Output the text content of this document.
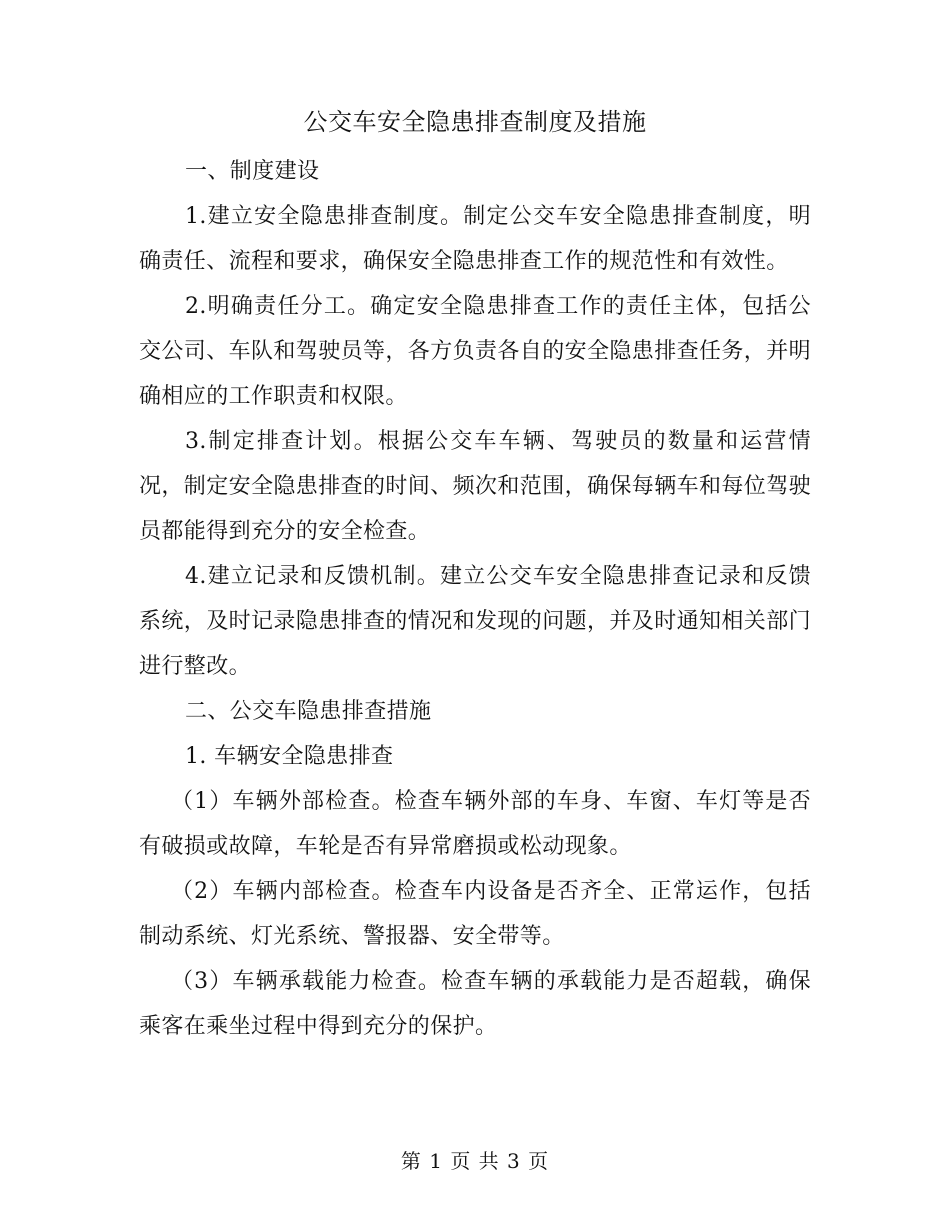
公交车安全隐患排查制度及措施

一、制度建设

1.建立安全隐患排查制度。制定公交车安全隐患排查制度，明确责任、流程和要求，确保安全隐患排查工作的规范性和有效性。

2.明确责任分工。确定安全隐患排查工作的责任主体，包括公交公司、车队和驾驶员等，各方负责各自的安全隐患排查任务，并明确相应的工作职责和权限。

3.制定排查计划。根据公交车车辆、驾驶员的数量和运营情况，制定安全隐患排查的时间、频次和范围，确保每辆车和每位驾驶员都能得到充分的安全检查。

4.建立记录和反馈机制。建立公交车安全隐患排查记录和反馈系统，及时记录隐患排查的情况和发现的问题，并及时通知相关部门进行整改。

二、公交车隐患排查措施

1. 车辆安全隐患排查

（1）车辆外部检查。检查车辆外部的车身、车窗、车灯等是否有破损或故障，车轮是否有异常磨损或松动现象。

（2）车辆内部检查。检查车内设备是否齐全、正常运作，包括制动系统、灯光系统、警报器、安全带等。

（3）车辆承载能力检查。检查车辆的承载能力是否超载，确保乘客在乘坐过程中得到充分的保护。

第 1 页 共 3 页
